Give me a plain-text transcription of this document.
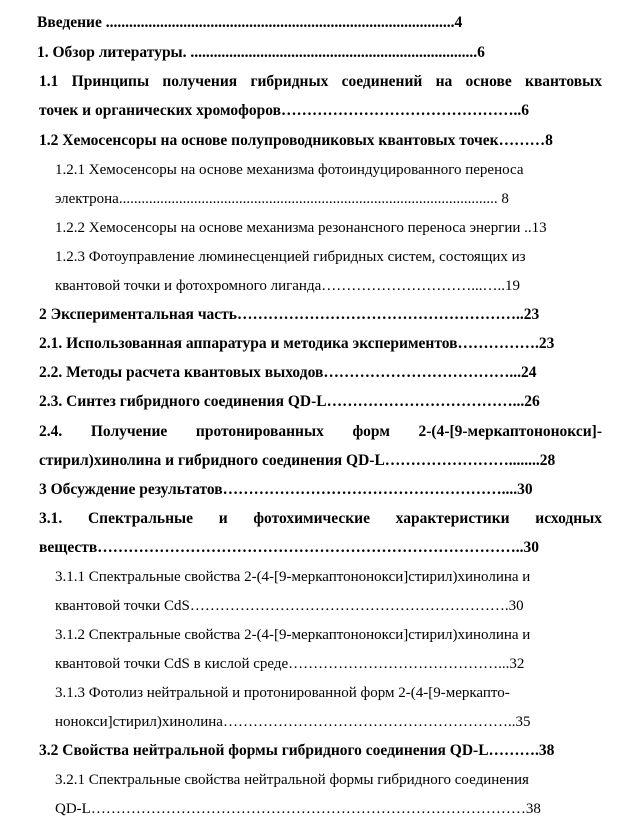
Введение ..........................................................................................4

1. Обзор литературы. ..........................................................................6

1.1 Принципы получения гибридных соединений на основе квантовых

точек и органических хромофоров………………………………………..6

1.2 Хемосенсоры на основе полупроводниковых квантовых точек………8

1.2.1 Хемосенсоры на основе механизма фотоиндуцированного переноса

электрона..................................................................................................... 8

1.2.2 Хемосенсоры на основе механизма резонансного переноса энергии ..13

1.2.3 Фотоуправление люминесценцией гибридных систем, состоящих из

квантовой точки и фотохромного лиганда…………………………...…..19

2 Экспериментальная часть………………………………………………..23

2.1. Использованная аппаратура и методика экспериментов…………….23

2.2. Методы расчета квантовых выходов………………………………...24

2.3. Синтез гибридного соединения QD-L………………………………...26

2.4. Получение протонированных форм 2-(4-[9-меркаптононокси]-

стирил)хинолина и гибридного соединения QD-L……………………........28

3 Обсуждение результатов………………………………………………....30

3.1. Спектральные и фотохимические характеристики исходных

веществ………………………………………………………………………..30

3.1.1 Спектральные свойства 2-(4-[9-меркаптононокси]стирил)хинолина и

квантовой точки CdS……………………………………………………….30

3.1.2 Спектральные свойства 2-(4-[9-меркаптононокси]стирил)хинолина и

квантовой точки CdS в кислой среде……………………………………...32

3.1.3 Фотолиз нейтральной и протонированной форм 2-(4-[9-меркапто-

нонокси]стирил)хинолина…………………………………………………..35

3.2 Свойства нейтральной формы гибридного соединения QD-L……….38

3.2.1 Спектральные свойства нейтральной формы гибридного соединения

QD-L……………………………………………………………………………38
